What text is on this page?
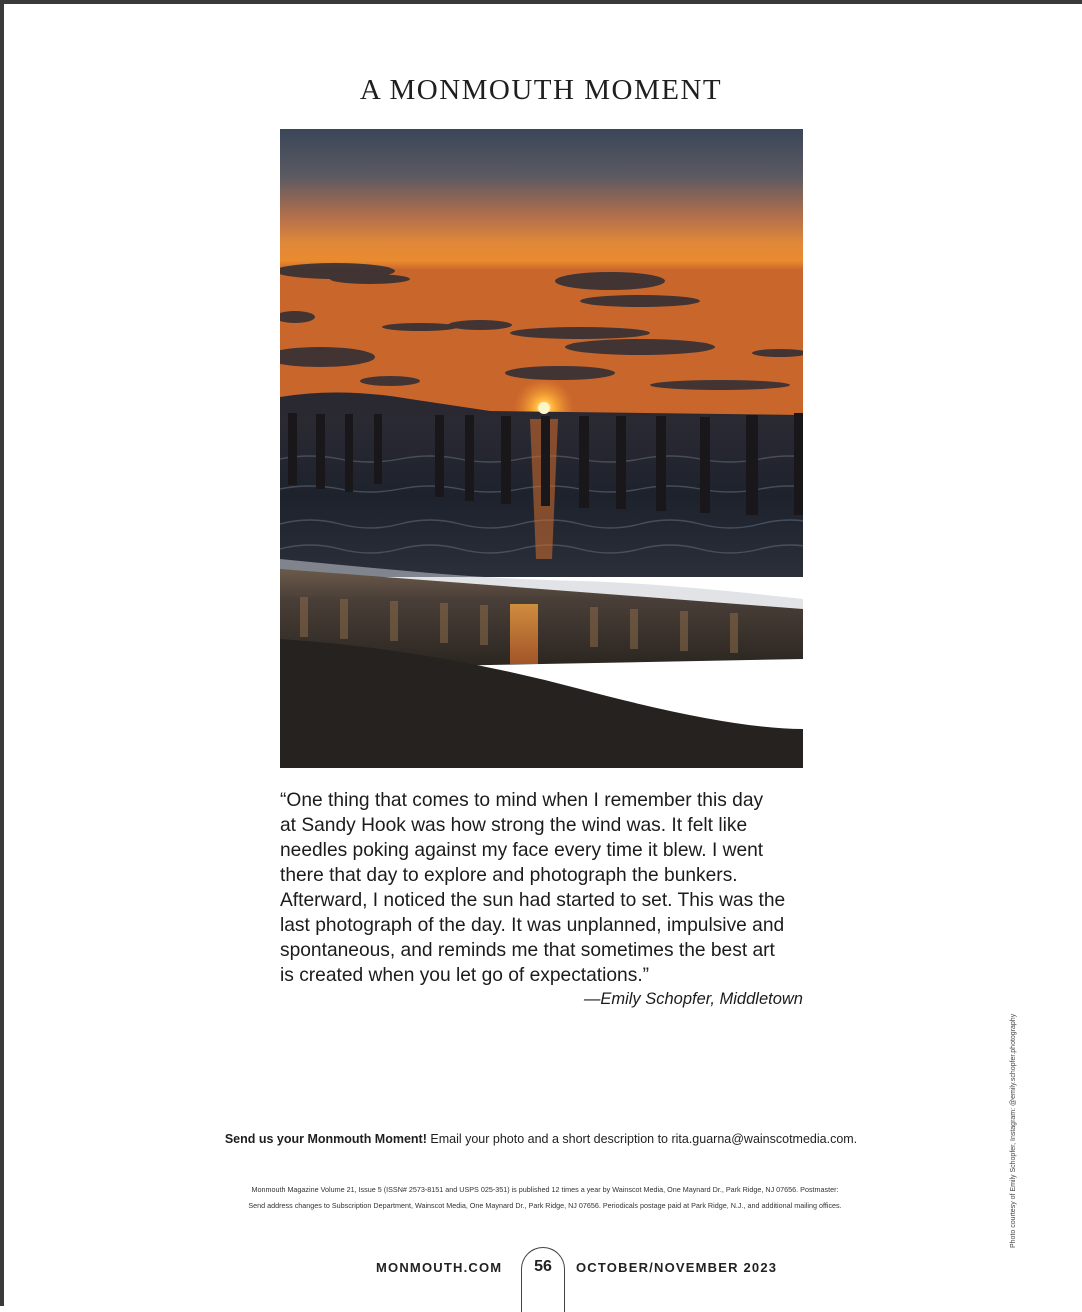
A MONMOUTH MOMENT
“One thing that comes to mind when I remember this day
at Sandy Hook was how strong the wind was. It felt like
needles poking against my face every time it blew. I went
there that day to explore and photograph the bunkers.
Afterward, I noticed the sun had started to set. This was the
last photograph of the day. It was unplanned, impulsive and
spontaneous, and reminds me that sometimes the best art
is created when you let go of expectations.”
—Emily Schopfer, Middletown
Send us your Monmouth Moment! Email your photo and a short description to rita.guarna@wainscotmedia.com.
Monmouth Magazine Volume 21, Issue 5 (ISSN# 2573-8151 and USPS 025-351) is published 12 times a year by Wainscot Media, One Maynard Dr., Park Ridge, NJ 07656. Postmaster:
Send address changes to Subscription Department, Wainscot Media, One Maynard Dr., Park Ridge, NJ 07656. Periodicals postage paid at Park Ridge, N.J., and additional mailing offices.	Photo courtesy of Emily Schopfer, Instagram: @emily.schopfer.photography
MONMOUTH.COM	56	OCTOBER/NOVEMBER 2023
